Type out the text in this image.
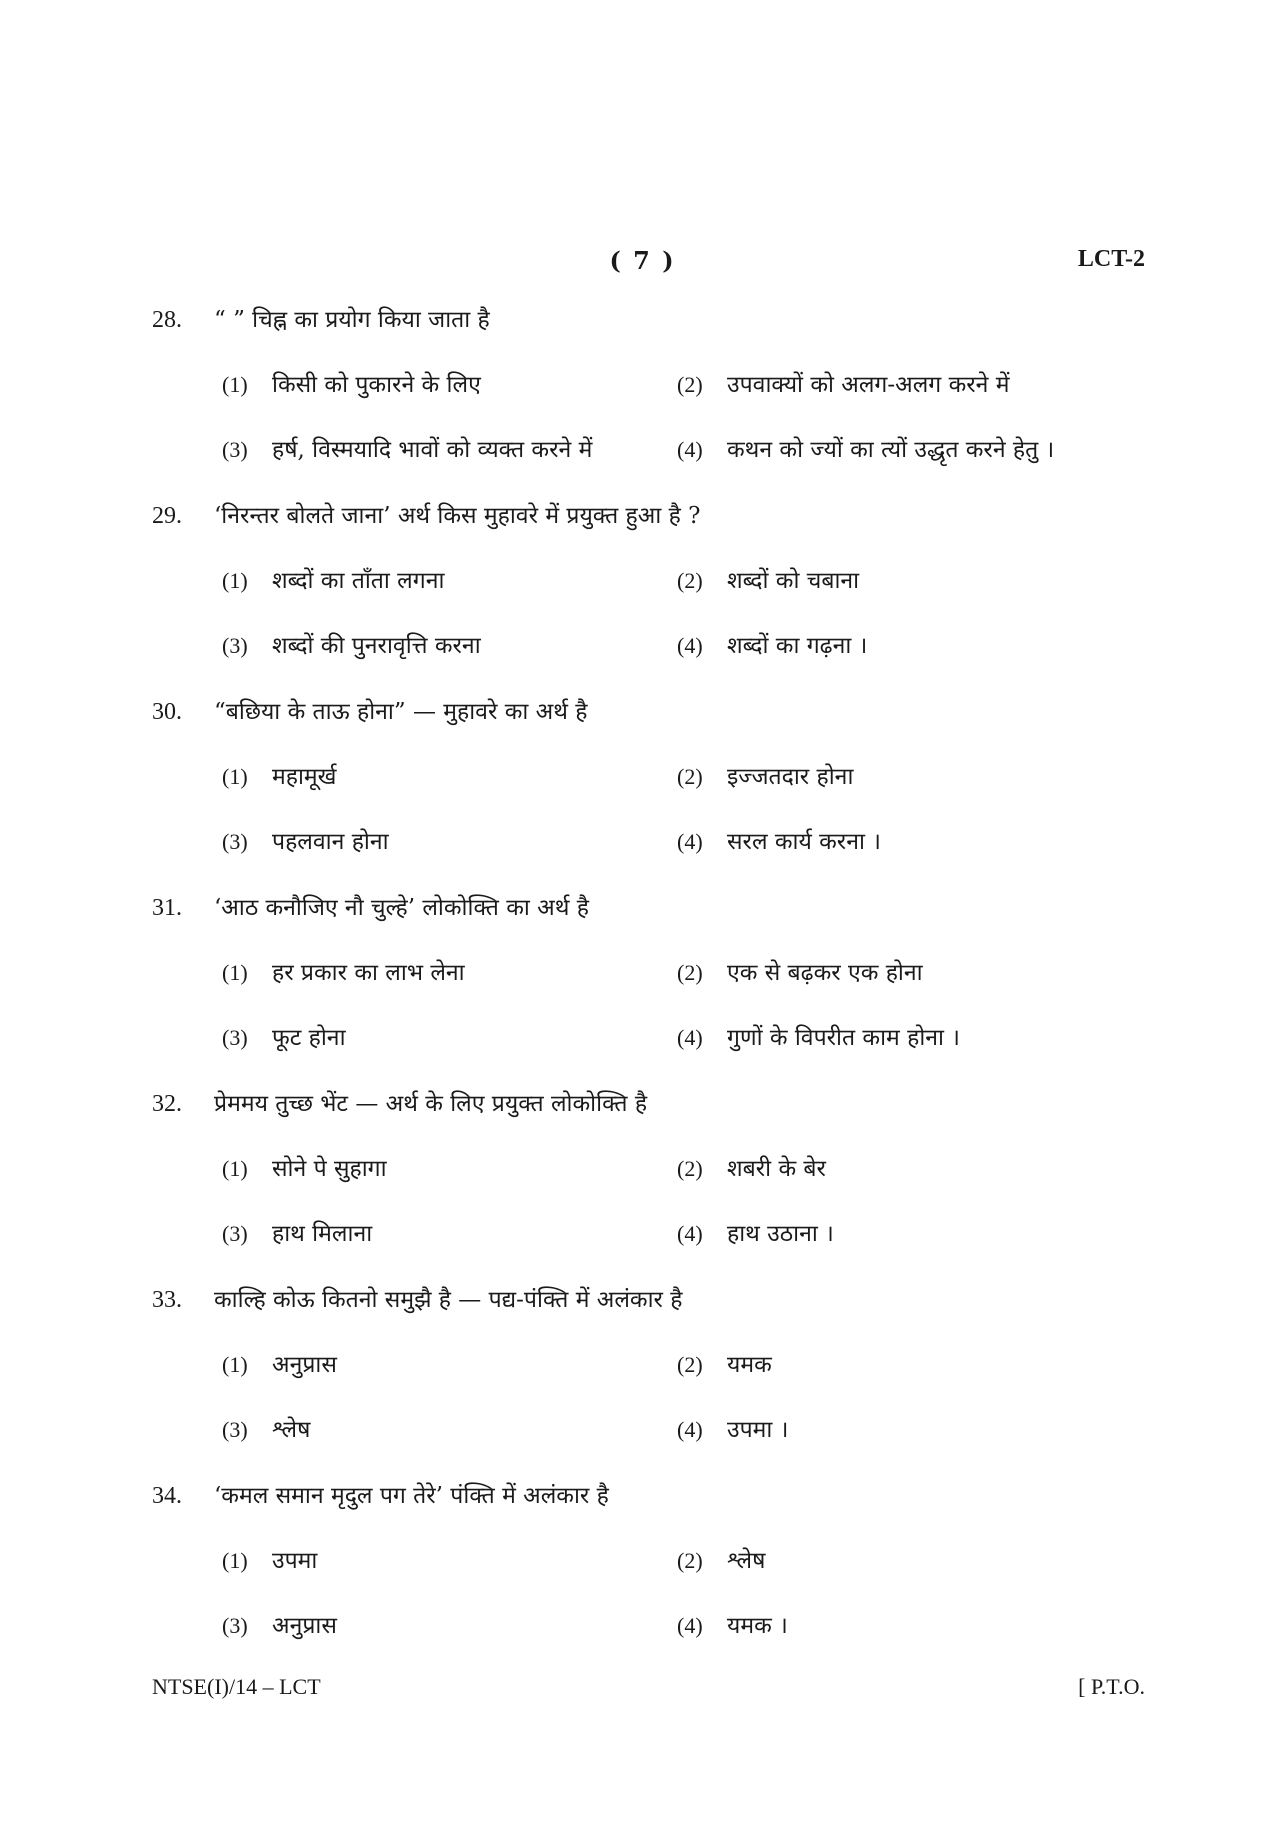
( 7 )	LCT-2
28. “ ” चिह्न का प्रयोग किया जाता है
(1) किसी को पुकारने के लिए	(2) उपवाक्यों को अलग-अलग करने में
(3) हर्ष, विस्मयादि भावों को व्यक्त करने में	(4) कथन को ज्यों का त्यों उद्धृत करने हेतु ।
29. ‘निरन्तर बोलते जाना’ अर्थ किस मुहावरे में प्रयुक्त हुआ है ?
(1) शब्दों का ताँता लगना	(2) शब्दों को चबाना
(3) शब्दों की पुनरावृत्ति करना	(4) शब्दों का गढ़ना ।
30. “बछिया के ताऊ होना” — मुहावरे का अर्थ है
(1) महामूर्ख	(2) इज्जतदार होना
(3) पहलवान होना	(4) सरल कार्य करना ।
31. ‘आठ कनौजिए नौ चुल्हे’ लोकोक्ति का अर्थ है
(1) हर प्रकार का लाभ लेना	(2) एक से बढ़कर एक होना
(3) फूट होना	(4) गुणों के विपरीत काम होना ।
32. प्रेममय तुच्छ भेंट — अर्थ के लिए प्रयुक्त लोकोक्ति है
(1) सोने पे सुहागा	(2) शबरी के बेर
(3) हाथ मिलाना	(4) हाथ उठाना ।
33. काल्हि कोऊ कितनो समुझै है — पद्य-पंक्ति में अलंकार है
(1) अनुप्रास	(2) यमक
(3) श्लेष	(4) उपमा ।
34. ‘कमल समान मृदुल पग तेरे’ पंक्ति में अलंकार है
(1) उपमा	(2) श्लेष
(3) अनुप्रास	(4) यमक ।
NTSE(I)/14 – LCT	[ P.T.O.
